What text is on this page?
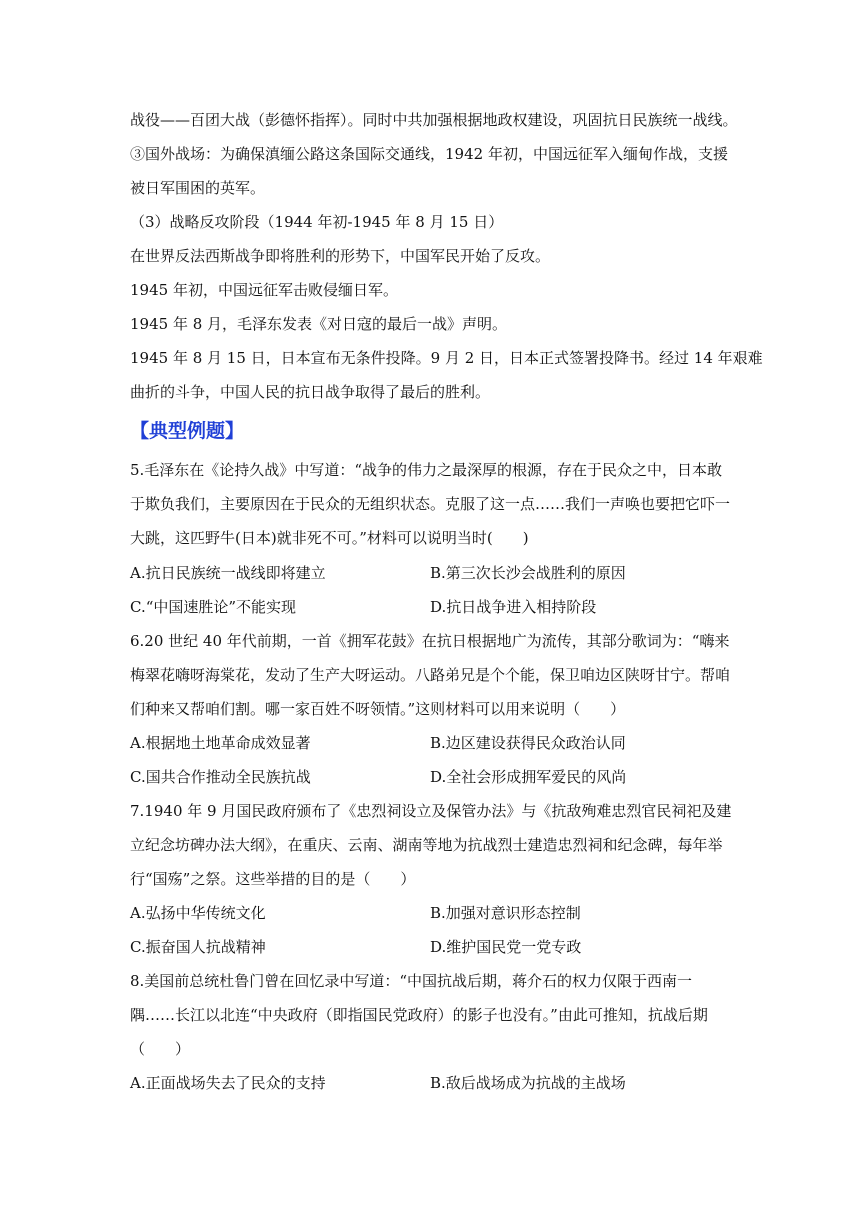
战役——百团大战（彭德怀指挥）。同时中共加强根据地政权建设，巩固抗日民族统一战线。
③国外战场：为确保滇缅公路这条国际交通线，1942 年初，中国远征军入缅甸作战，支援
被日军围困的英军。
（3）战略反攻阶段（1944 年初-1945 年 8 月 15 日）
在世界反法西斯战争即将胜利的形势下，中国军民开始了反攻。
1945 年初，中国远征军击败侵缅日军。
1945 年 8 月，毛泽东发表《对日寇的最后一战》声明。
1945 年 8 月 15 日，日本宣布无条件投降。9 月 2 日，日本正式签署投降书。经过 14 年艰难
曲折的斗争，中国人民的抗日战争取得了最后的胜利。
【典型例题】
5.毛泽东在《论持久战》中写道：“战争的伟力之最深厚的根源，存在于民众之中，日本敢
于欺负我们，主要原因在于民众的无组织状态。克服了这一点……我们一声唤也要把它吓一
大跳，这匹野牛(日本)就非死不可。”材料可以说明当时(　　)
A.抗日民族统一战线即将建立	B.第三次长沙会战胜利的原因
C.“中国速胜论”不能实现	D.抗日战争进入相持阶段
6.20 世纪 40 年代前期，一首《拥军花鼓》在抗日根据地广为流传，其部分歌词为：“嗨来
梅翠花嗨呀海棠花，发动了生产大呀运动。八路弟兄是个个能，保卫咱边区陕呀甘宁。帮咱
们种来又帮咱们割。哪一家百姓不呀领情。”这则材料可以用来说明（　　）
A.根据地土地革命成效显著	B.边区建设获得民众政治认同
C.国共合作推动全民族抗战	D.全社会形成拥军爱民的风尚
7.1940 年 9 月国民政府颁布了《忠烈祠设立及保管办法》与《抗敌殉难忠烈官民祠祀及建
立纪念坊碑办法大纲》，在重庆、云南、湖南等地为抗战烈士建造忠烈祠和纪念碑，每年举
行“国殇”之祭。这些举措的目的是（　　）
A.弘扬中华传统文化	B.加强对意识形态控制
C.振奋国人抗战精神	D.维护国民党一党专政
8.美国前总统杜鲁门曾在回忆录中写道：“中国抗战后期，蒋介石的权力仅限于西南一
隅……长江以北连“中央政府（即指国民党政府）的影子也没有。”由此可推知，抗战后期
（　　）
A.正面战场失去了民众的支持	B.敌后战场成为抗战的主战场
